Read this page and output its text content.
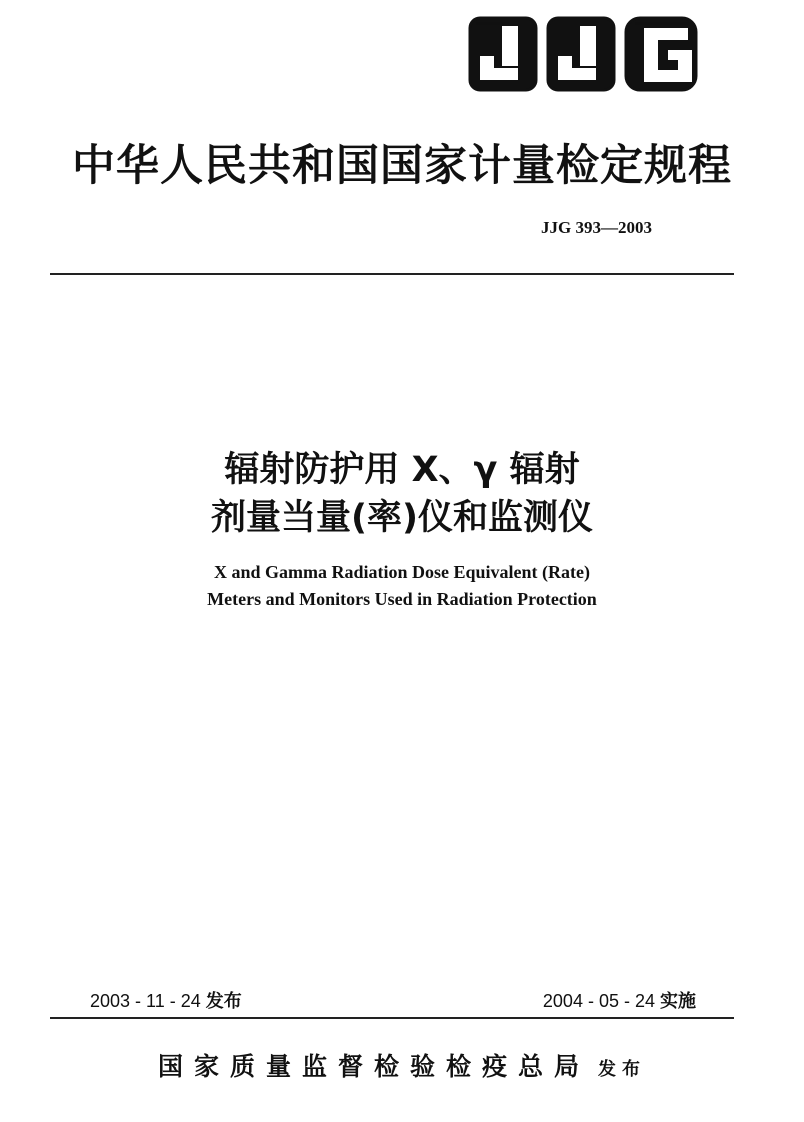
中华人民共和国国家计量检定规程
JJG 393—2003
辐射防护用 X、γ 辐射
剂量当量(率)仪和监测仪
X and Gamma Radiation Dose Equivalent (Rate)
Meters and Monitors Used in Radiation Protection
2003 - 11 - 24 发布	2004 - 05 - 24 实施
国家质量监督检验检疫总局 发布
